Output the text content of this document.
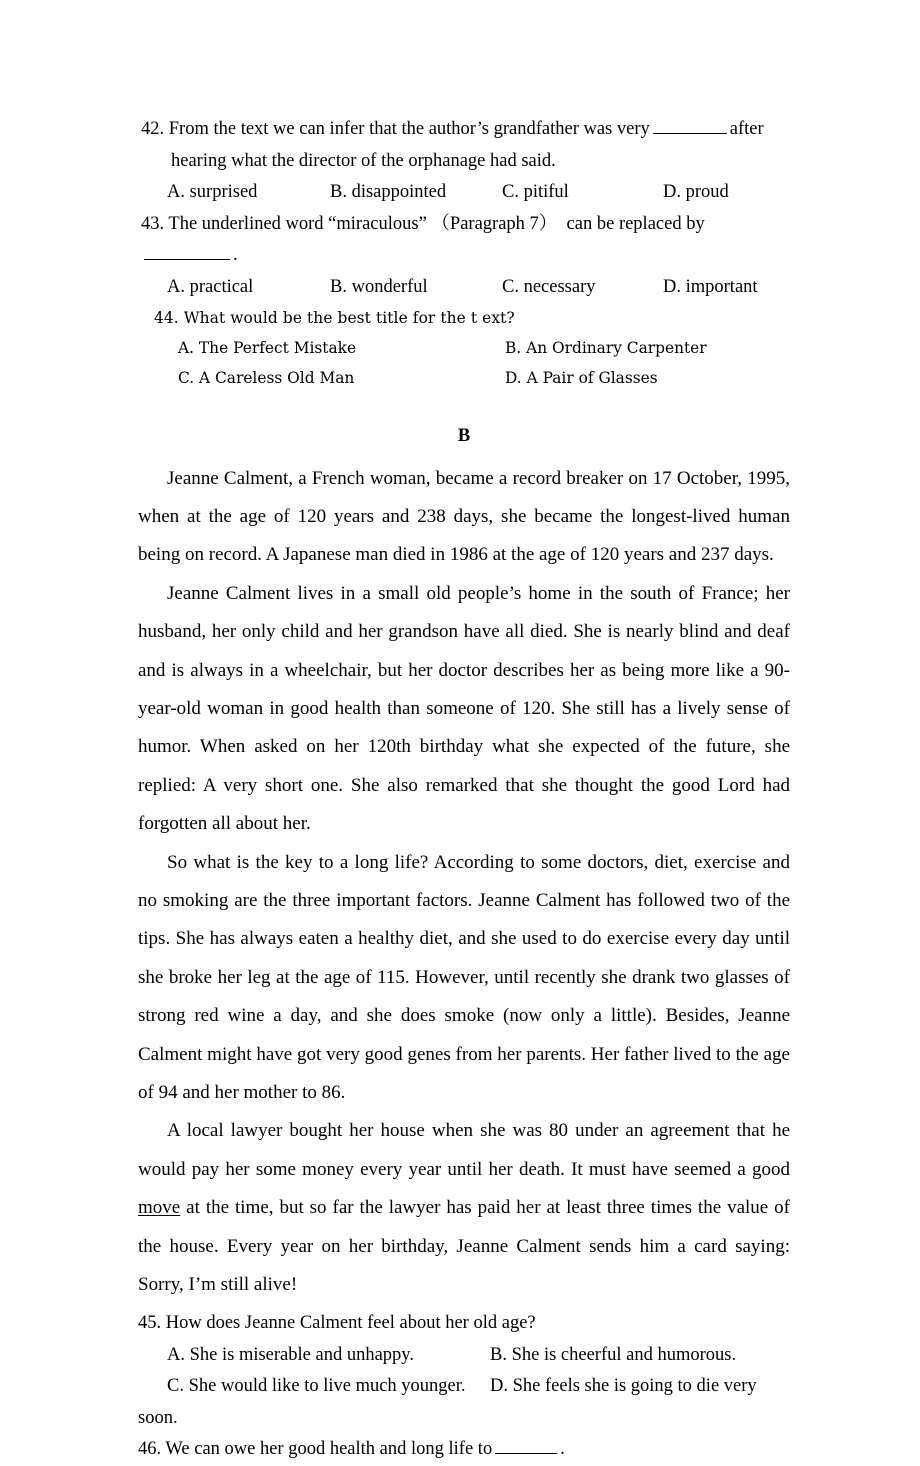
42. From the text we can infer that the author’s grandfather was very	after
hearing what the director of the orphanage had said.
A. surprised	B. disappointed	C. pitiful	D. proud
43. The underlined word “miraculous” （Paragraph 7）  can be replaced by.
A. practical	B. wonderful	C. necessary	D. important
44. What would be the best title for the t ext?
A. The Perfect Mistake	B. An Ordinary Carpenter
C. A Careless Old Man	D. A Pair of Glasses
B

Jeanne Calment, a French woman, became a record breaker on 17 October, 1995, when at the age of 120 years and 238 days, she became the longest-lived human being on record. A Japanese man died in 1986 at the age of 120 years and 237 days.

Jeanne Calment lives in a small old people’s home in the south of France; her husband, her only child and her grandson have all died. She is nearly blind and deaf and is always in a wheelchair, but her doctor describes her as being more like a 90-year-old woman in good health than someone of 120. She still has a lively sense of humor. When asked on her 120th birthday what she expected of the future, she replied: A very short one. She also remarked that she thought the good Lord had forgotten all about her.

So what is the key to a long life? According to some doctors, diet, exercise and no smoking are the three important factors. Jeanne Calment has followed two of the tips. She has always eaten a healthy diet, and she used to do exercise every day until she broke her leg at the age of 115. However, until recently she drank two glasses of strong red wine a day, and she does smoke (now only a little). Besides, Jeanne Calment might have got very good genes from her parents. Her father lived to the age of 94 and her mother to 86.

A local lawyer bought her house when she was 80 under an agreement that he would pay her some money every year until her death. It must have seemed a good move at the time, but so far the lawyer has paid her at least three times the value of the house. Every year on her birthday, Jeanne Calment sends him a card saying: Sorry, I’m still alive!

45. How does Jeanne Calment feel about her old age?
A. She is miserable and unhappy.	B. She is cheerful and humorous.
C. She would like to live much younger. D. She feels she is going to die very
soon.
46. We can owe her good health and long life to	.
